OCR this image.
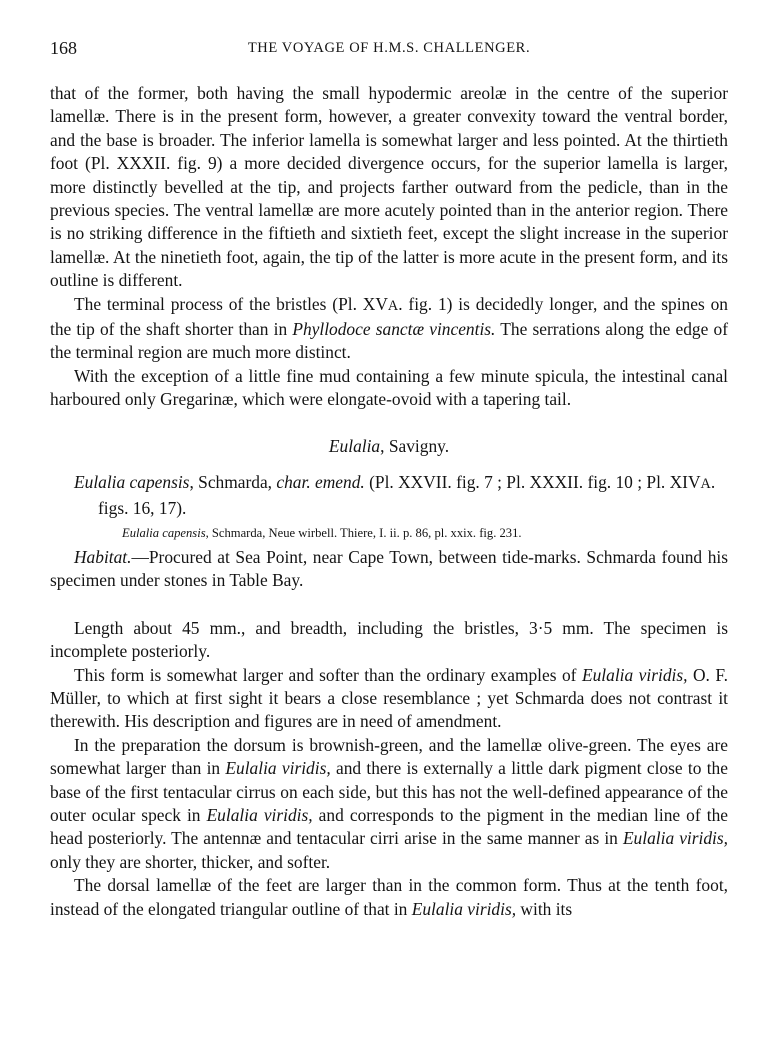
168	THE VOYAGE OF H.M.S. CHALLENGER.

that of the former, both having the small hypodermic areolæ in the centre of the superior lamellæ. There is in the present form, however, a greater convexity toward the ventral border, and the base is broader. The inferior lamella is somewhat larger and less pointed. At the thirtieth foot (Pl. XXXII. fig. 9) a more decided divergence occurs, for the superior lamella is larger, more distinctly bevelled at the tip, and projects farther outward from the pedicle, than in the previous species. The ventral lamellæ are more acutely pointed than in the anterior region. There is no striking difference in the fiftieth and sixtieth feet, except the slight increase in the superior lamellæ. At the ninetieth foot, again, the tip of the latter is more acute in the present form, and its outline is different.

The terminal process of the bristles (Pl. XVA. fig. 1) is decidedly longer, and the spines on the tip of the shaft shorter than in Phyllodoce sanctæ vincentis. The serrations along the edge of the terminal region are much more distinct.

With the exception of a little fine mud containing a few minute spicula, the intestinal canal harboured only Gregarinæ, which were elongate-ovoid with a tapering tail.

Eulalia, Savigny.
Eulalia capensis, Schmarda, char. emend. (Pl. XXVII. fig. 7 ; Pl. XXXII. fig. 10 ; Pl. XIVA. figs. 16, 17).
Eulalia capensis, Schmarda, Neue wirbell. Thiere, I. ii. p. 86, pl. xxix. fig. 231.

Habitat.—Procured at Sea Point, near Cape Town, between tide-marks. Schmarda found his specimen under stones in Table Bay.

Length about 45 mm., and breadth, including the bristles, 3·5 mm. The specimen is incomplete posteriorly.

This form is somewhat larger and softer than the ordinary examples of Eulalia viridis, O. F. Müller, to which at first sight it bears a close resemblance ; yet Schmarda does not contrast it therewith. His description and figures are in need of amendment.

In the preparation the dorsum is brownish-green, and the lamellæ olive-green. The eyes are somewhat larger than in Eulalia viridis, and there is externally a little dark pigment close to the base of the first tentacular cirrus on each side, but this has not the well-defined appearance of the outer ocular speck in Eulalia viridis, and corresponds to the pigment in the median line of the head posteriorly. The antennæ and tentacular cirri arise in the same manner as in Eulalia viridis, only they are shorter, thicker, and softer.

The dorsal lamellæ of the feet are larger than in the common form. Thus at the tenth foot, instead of the elongated triangular outline of that in Eulalia viridis, with its
